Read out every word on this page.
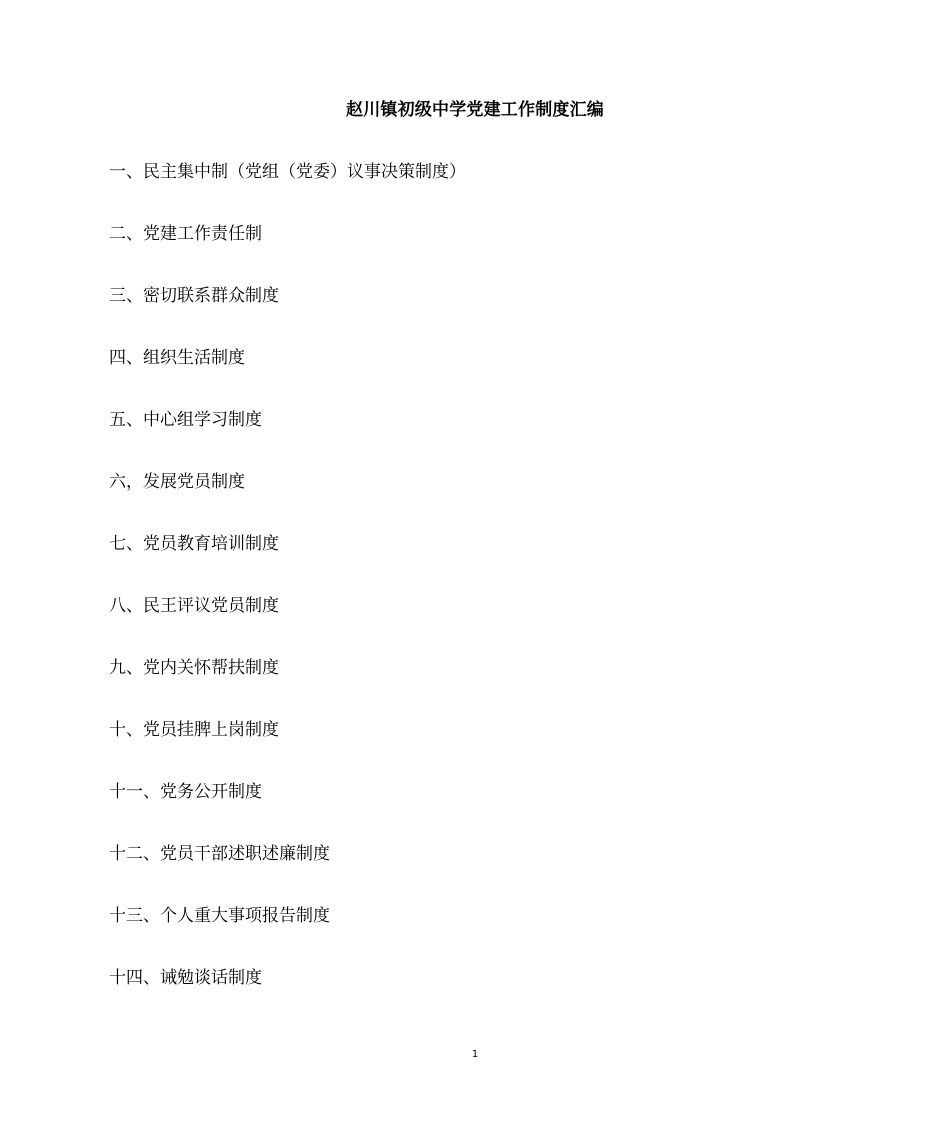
赵川镇初级中学党建工作制度汇编
一、民主集中制（党组（党委）议事决策制度）
二、党建工作责任制
三、密切联系群众制度
四、组织生活制度
五、中心组学习制度
六，发展党员制度
七、党员教育培训制度
八、民王评议党员制度
九、党内关怀帮扶制度
十、党员挂脾上岗制度
十一、党务公开制度
十二、党员干部述职述廉制度
十三、个人重大事项报告制度
十四、诫勉谈话制度
1
